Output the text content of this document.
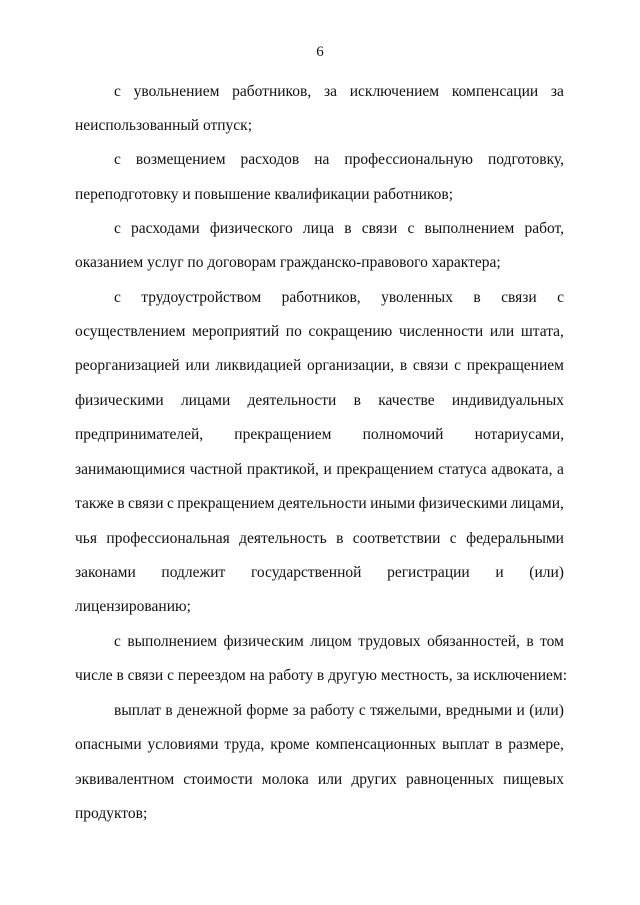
6
с увольнением работников, за исключением компенсации за
неиспользованный отпуск;
с возмещением расходов на профессиональную подготовку,
переподготовку и повышение квалификации работников;
с расходами физического лица в связи с выполнением работ,
оказанием услуг по договорам гражданско-правового характера;
с трудоустройством работников, уволенных в связи с
осуществлением мероприятий по сокращению численности или штата,
реорганизацией или ликвидацией организации, в связи с прекращением
физическими лицами деятельности в качестве индивидуальных
предпринимателей, прекращением полномочий нотариусами,
занимающимися частной практикой, и прекращением статуса адвоката, а
также в связи с прекращением деятельности иными физическими лицами,
чья профессиональная деятельность в соответствии с федеральными
законами подлежит государственной регистрации и (или)
лицензированию;
с выполнением физическим лицом трудовых обязанностей, в том
числе в связи с переездом на работу в другую местность, за исключением:
выплат в денежной форме за работу с тяжелыми, вредными и (или)
опасными условиями труда, кроме компенсационных выплат в размере,
эквивалентном стоимости молока или других равноценных пищевых
продуктов;
